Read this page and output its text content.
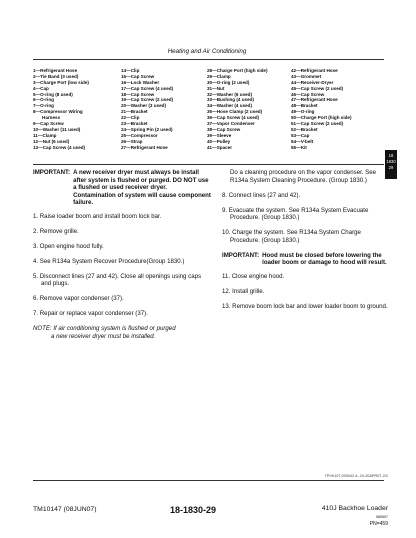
Heating and Air Conditioning
1—Refrigerant Hose
2—Tie Band (3 used)
3—Charge Port (low side)
4—Cap
5—O-ring (8 used)
6—O-ring
7—O-ring
8—Compressor Wiring
Harness
9—Cap Screw
10—Washer (11 used)
11—Clamp
12—Nut (6 used)
13—Cap Screw (4 used)
14—Clip
15—Cap Screw
16—Lock Washer
17—Cap Screw (4 used)
18—Cap Screw
19—Cap Screw (2 used)
20—Washer (3 used)
21—Bracket
22—Clip
23—Bracket
24—Spring Pin (2 used)
25—Compressor
26—Strap
27—Refrigerant Hose
28—Charge Port (high side)
29—Clamp
30—O-ring (2 used)
31—Nut
32—Washer (6 used)
33—Bushing (4 used)
34—Washer (4 used)
35—Hose Clamp (2 used)
36—Cap Screw (4 used)
37—Vapor Condenser
38—Cap Screw
39—Sleeve
40—Pulley
41—Spacer
42—Refrigerant Hose
43—Grommet
44—Receiver-Dryer
45—Cap Screw (2 used)
46—Cap Screw
47—Refrigerant Hose
48—Bracket
49—O-ring
50—Charge Port (high side)
51—Cap Screw (2 used)
52—Bracket
53—Cap
54—V-belt
55—Kit
18
1830
29
IMPORTANT: A new receiver dryer must always be install after system is flushed or purged. DO NOT use a flushed or used receiver dryer. Contamination of system will cause component failure.
1. Raise loader boom and install boom lock bar.
2. Remove grille.
3. Open engine hood fully.
4. See R134a System Recover Procedure(Group 1830.)
5. Disconnect lines (27 and 42). Close all openings using caps and plugs.
6. Remove vapor condenser (37).
7. Repair or replace vapor condenser (37).
NOTE: If air conditioning system is flushed or purged
a new receiver dryer must be installed.
Do a cleaning procedure on the vapor condenser. See R134a System Cleaning Procedure. (Group 1830.)
8. Connect lines (27 and 42).
9. Evacuate the system. See R134a System Evacuate Procedure. (Group 1830.)
10. Charge the system. See R134a System Charge Procedure. (Group 1830.)
IMPORTANT: Hood must be closed before lowering the loader boom or damage to hood will result.
11. Close engine hood.
12. Install grille.
13. Remove boom lock bar and lower loader boom to ground.
TP/H/107,000042 A -19-20APR07-2/2
TM10147 (08JUN07)	18-1830-29	410J Backhoe Loader
080607
PN=459
